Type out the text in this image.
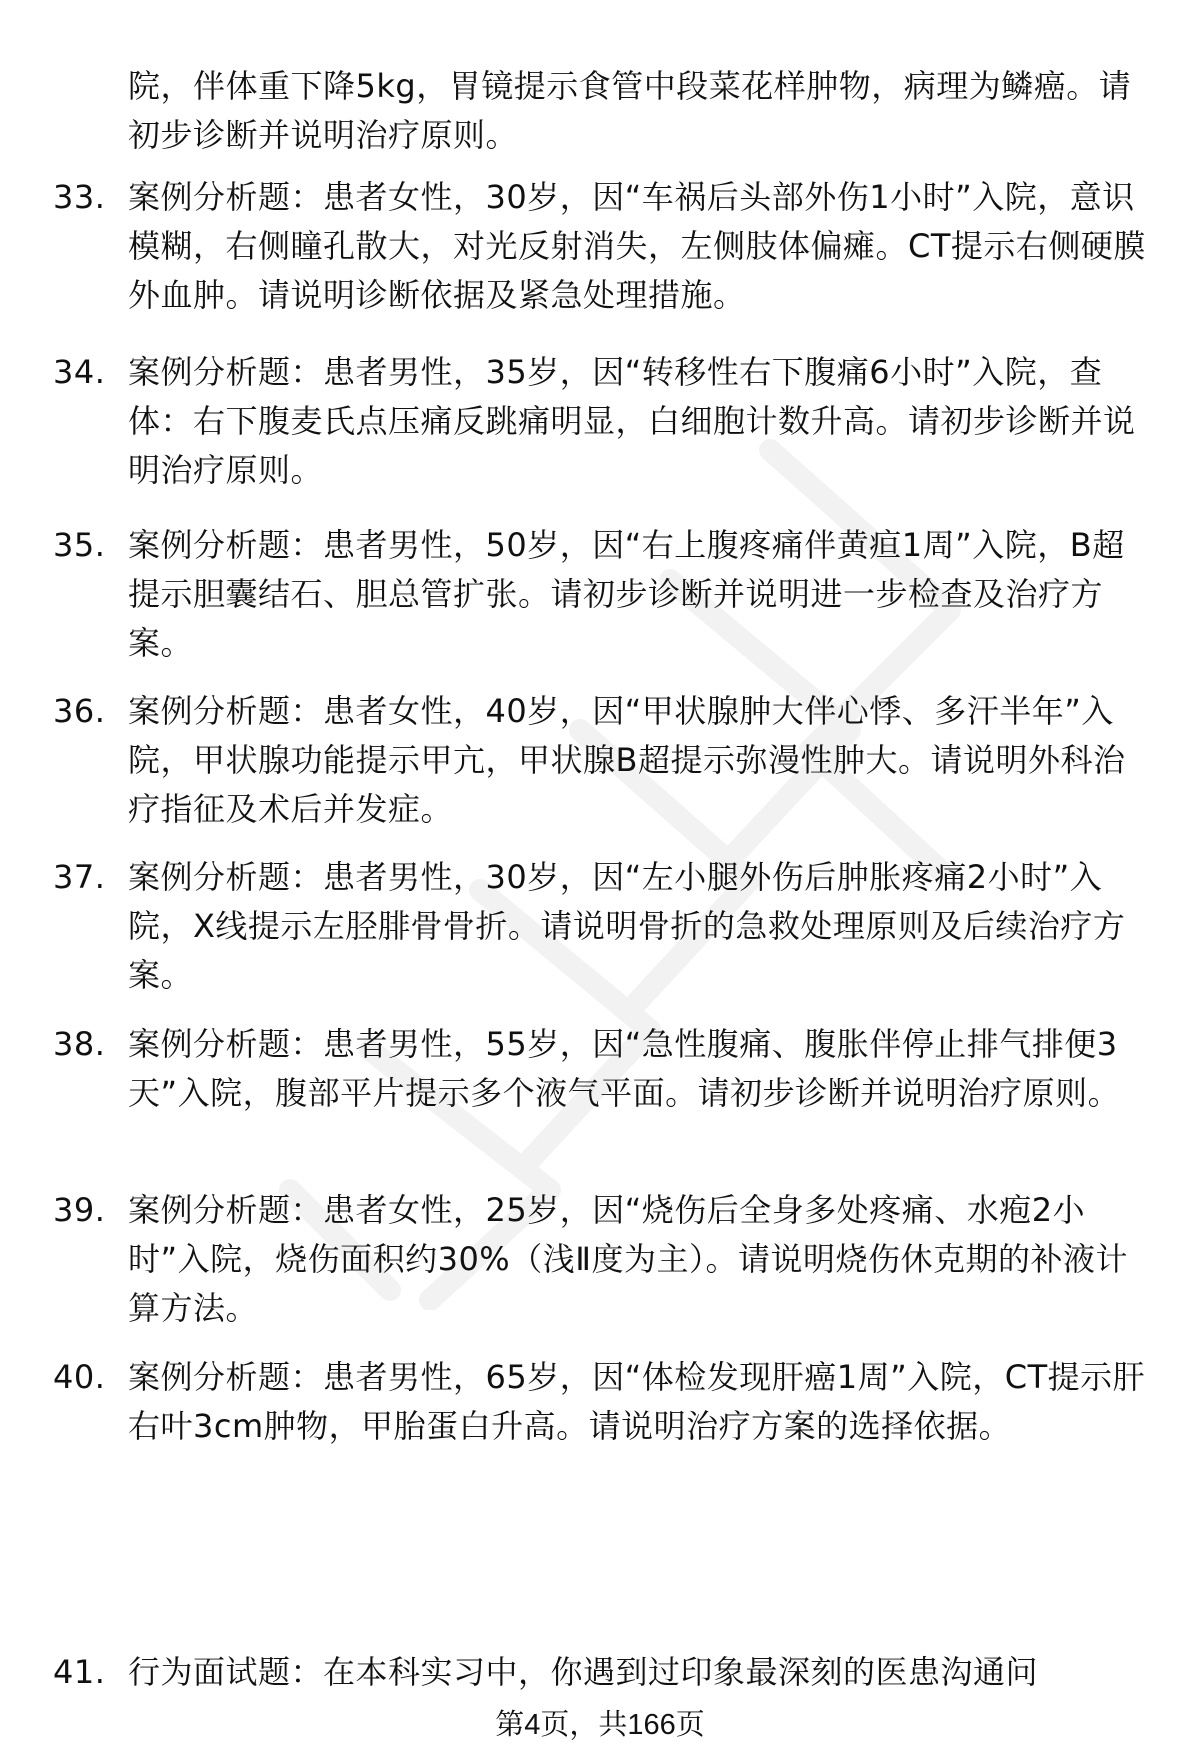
院，伴体重下降5kg，胃镜提示食管中段菜花样肿物，病理为鳞癌。请初步诊断并说明治疗原则。
33. 案例分析题：患者女性，30岁，因“车祸后头部外伤1小时”入院，意识模糊，右侧瞳孔散大，对光反射消失，左侧肢体偏瘫。CT提示右侧硬膜外血肿。请说明诊断依据及紧急处理措施。
34. 案例分析题：患者男性，35岁，因“转移性右下腹痛6小时”入院，查体：右下腹麦氏点压痛反跳痛明显，白细胞计数升高。请初步诊断并说明治疗原则。
35. 案例分析题：患者男性，50岁，因“右上腹疼痛伴黄疸1周”入院，B超提示胆囊结石、胆总管扩张。请初步诊断并说明进一步检查及治疗方案。
36. 案例分析题：患者女性，40岁，因“甲状腺肿大伴心悸、多汗半年”入院，甲状腺功能提示甲亢，甲状腺B超提示弥漫性肿大。请说明外科治疗指征及术后并发症。
37. 案例分析题：患者男性，30岁，因“左小腿外伤后肿胀疼痛2小时”入院，X线提示左胫腓骨骨折。请说明骨折的急救处理原则及后续治疗方案。
38. 案例分析题：患者男性，55岁，因“急性腹痛、腹胀伴停止排气排便3天”入院，腹部平片提示多个液气平面。请初步诊断并说明治疗原则。
39. 案例分析题：患者女性，25岁，因“烧伤后全身多处疼痛、水疱2小时”入院，烧伤面积约30%（浅Ⅱ度为主）。请说明烧伤休克期的补液计算方法。
40. 案例分析题：患者男性，65岁，因“体检发现肝癌1周”入院，CT提示肝右叶3cm肿物，甲胎蛋白升高。请说明治疗方案的选择依据。
41. 行为面试题：在本科实习中，你遇到过印象最深刻的医患沟通问
第4页，共166页
